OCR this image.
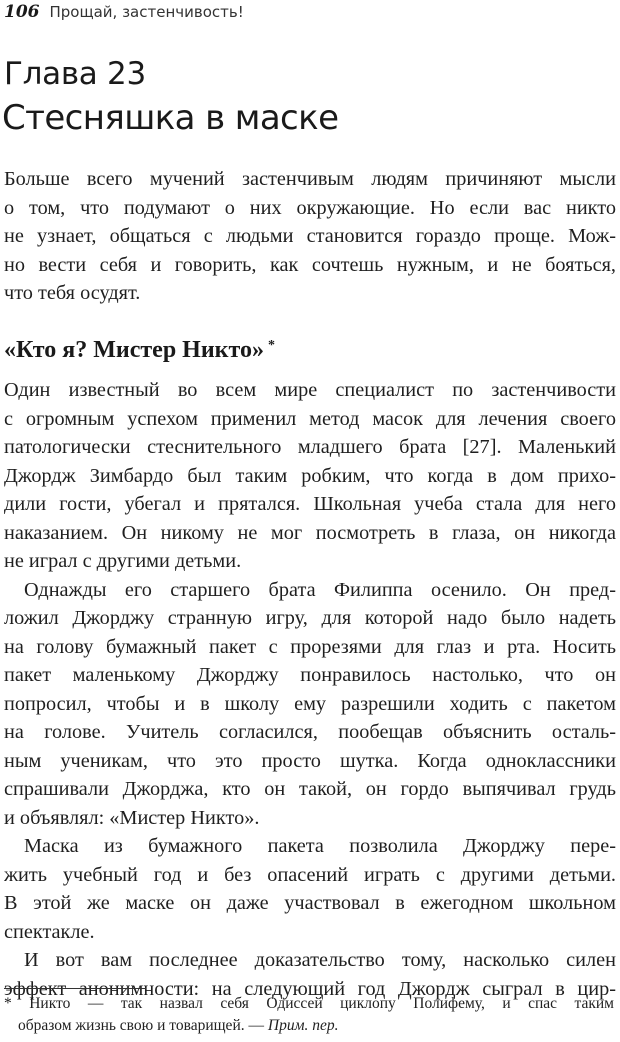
106 Прощай, застенчивость!
Глава 23
Стесняшка в маске
Больше всего мучений застенчивым людям причиняют мысли
о том, что подумают о них окружающие. Но если вас никто
не узнает, общаться с людьми становится гораздо проще. Мож-
но вести себя и говорить, как сочтешь нужным, и не бояться,
что тебя осудят.
«Кто я? Мистер Никто» *
Один известный во всем мире специалист по застенчивости
с огромным успехом применил метод масок для лечения своего
патологически стеснительного младшего брата [27]. Маленький
Джордж Зимбардо был таким робким, что когда в дом прихо-
дили гости, убегал и прятался. Школьная учеба стала для него
наказанием. Он никому не мог посмотреть в глаза, он никогда
не играл с другими детьми.
Однажды его старшего брата Филиппа осенило. Он пред-
ложил Джорджу странную игру, для которой надо было надеть
на голову бумажный пакет с прорезями для глаз и рта. Носить
пакет маленькому Джорджу понравилось настолько, что он
попросил, чтобы и в школу ему разрешили ходить с пакетом
на голове. Учитель согласился, пообещав объяснить осталь-
ным ученикам, что это просто шутка. Когда одноклассники
спрашивали Джорджа, кто он такой, он гордо выпячивал грудь
и объявлял: «Мистер Никто».
Маска из бумажного пакета позволила Джорджу пере-
жить учебный год и без опасений играть с другими детьми.
В этой же маске он даже участвовал в ежегодном школьном
спектакле.
И вот вам последнее доказательство тому, насколько силен
эффект анонимности: на следующий год Джордж сыграл в цир-
* Никто — так назвал себя Одиссей циклопу Полифему, и спас таким
образом жизнь свою и товарищей. — Прим. пер.
